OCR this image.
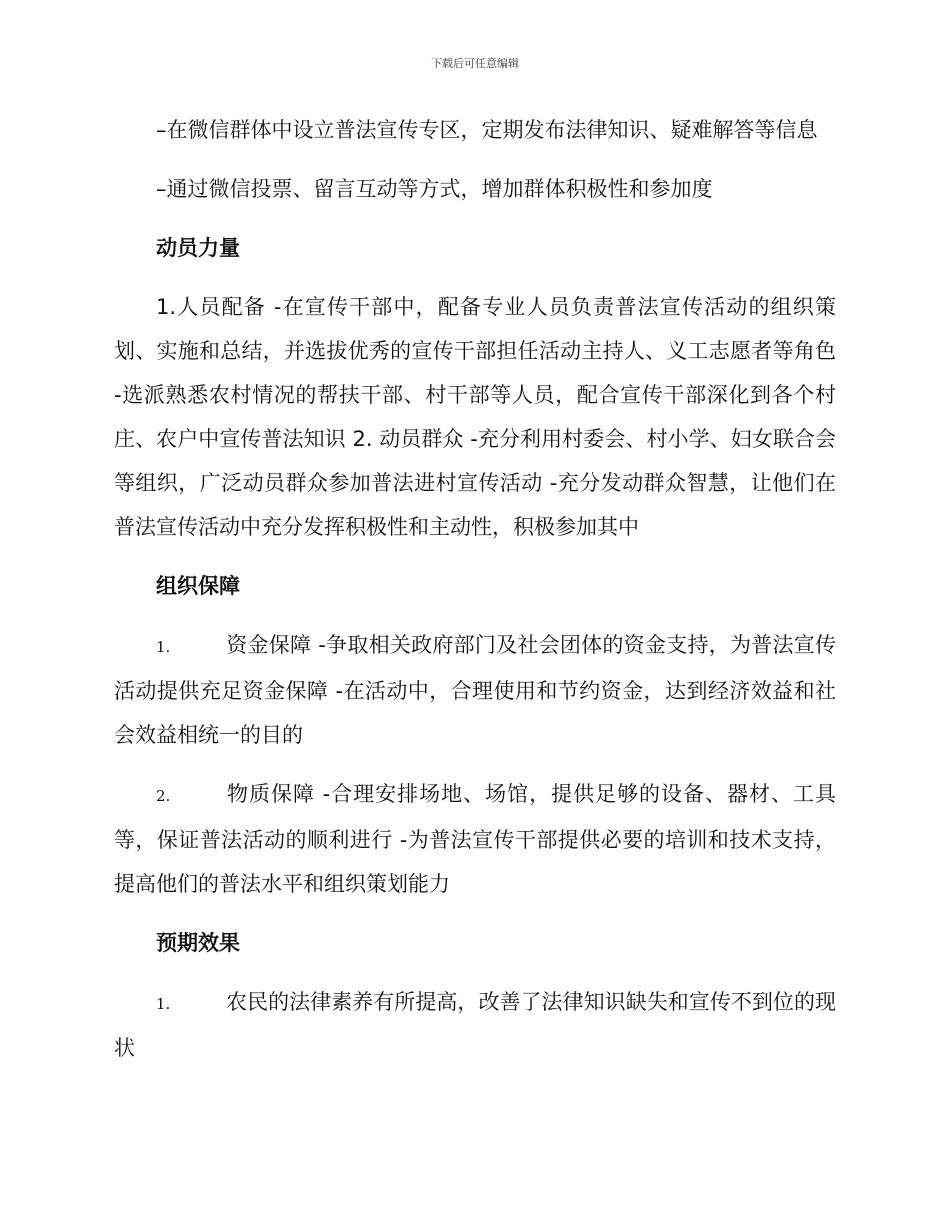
下载后可任意编辑

–在微信群体中设立普法宣传专区，定期发布法律知识、疑难解答等信息

–通过微信投票、留言互动等方式，增加群体积极性和参加度

动员力量

1.人员配备 -在宣传干部中，配备专业人员负责普法宣传活动的组织策划、实施和总结，并选拔优秀的宣传干部担任活动主持人、义工志愿者等角色 -选派熟悉农村情况的帮扶干部、村干部等人员，配合宣传干部深化到各个村庄、农户中宣传普法知识 2. 动员群众 -充分利用村委会、村小学、妇女联合会等组织，广泛动员群众参加普法进村宣传活动 -充分发动群众智慧，让他们在普法宣传活动中充分发挥积极性和主动性，积极参加其中

组织保障

1.	资金保障 -争取相关政府部门及社会团体的资金支持，为普法宣传活动提供充足资金保障 -在活动中，合理使用和节约资金，达到经济效益和社会效益相统一的目的

2.	物质保障 -合理安排场地、场馆，提供足够的设备、器材、工具等，保证普法活动的顺利进行 -为普法宣传干部提供必要的培训和技术支持，提高他们的普法水平和组织策划能力

预期效果

1.	农民的法律素养有所提高，改善了法律知识缺失和宣传不到位的现状
